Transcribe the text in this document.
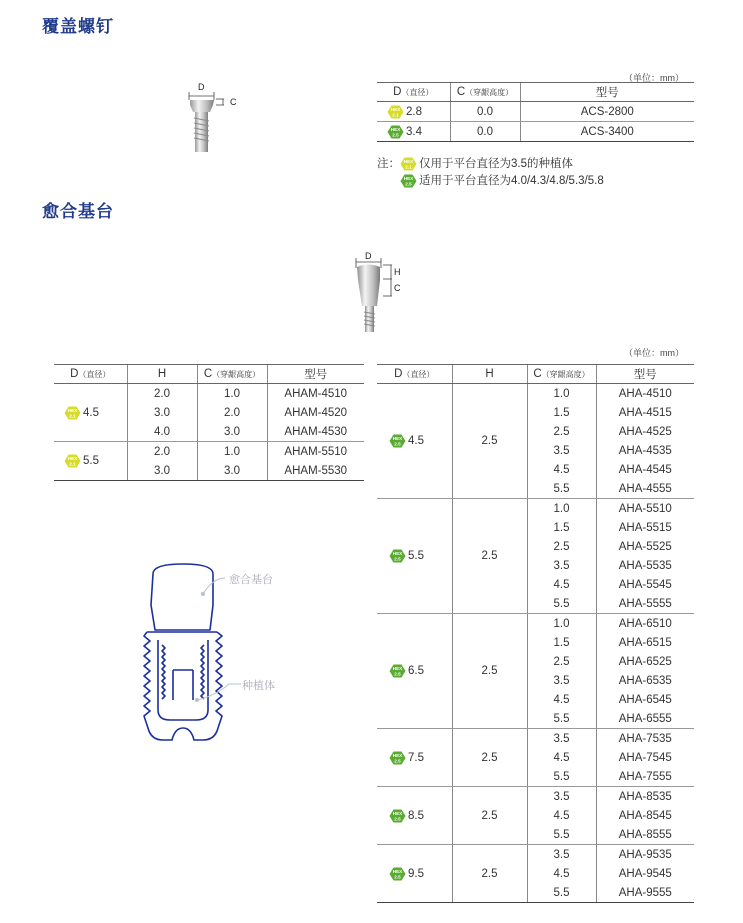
覆盖螺钉
D
C
（单位：mm）
D（直径）	C（穿龈高度）	型号

HEX
2.1 2.8	0.0	ACS-2800

HEX
2.5 3.4	0.0	ACS-3400
注： HEX
2.1 仅用于平台直径为3.5的种植体
HEX
2.5 适用于平台直径为4.0/4.3/4.8/5.3/5.8
愈合基台
D
H
C
（单位：mm）
D（直径）	H	C（穿龈高度）	型号

HEX
2.1 4.5	2.0	1.0	AHAM-4510
	3.0	2.0	AHAM-4520
	4.0	3.0	AHAM-4530

HEX
2.1 5.5	2.0	1.0	AHAM-5510
	3.0	3.0	AHAM-5530
D（直径）	H	C（穿龈高度）	型号

HEX
2.5 4.5	2.5	1.0	AHA-4510
		1.5	AHA-4515
		2.5	AHA-4525
		3.5	AHA-4535
		4.5	AHA-4545
		5.5	AHA-4555

HEX
2.5 5.5	2.5	1.0	AHA-5510
		1.5	AHA-5515
		2.5	AHA-5525
		3.5	AHA-5535
		4.5	AHA-5545
		5.5	AHA-5555

HEX
2.5 6.5	2.5	1.0	AHA-6510
		1.5	AHA-6515
		2.5	AHA-6525
		3.5	AHA-6535
		4.5	AHA-6545
		5.5	AHA-6555

HEX
2.5 7.5	2.5	3.5	AHA-7535
		4.5	AHA-7545
		5.5	AHA-7555

HEX
2.5 8.5	2.5	3.5	AHA-8535
		4.5	AHA-8545
		5.5	AHA-8555

HEX
2.5 9.5	2.5	3.5	AHA-9535
		4.5	AHA-9545
		5.5	AHA-9555
愈合基台
种植体
